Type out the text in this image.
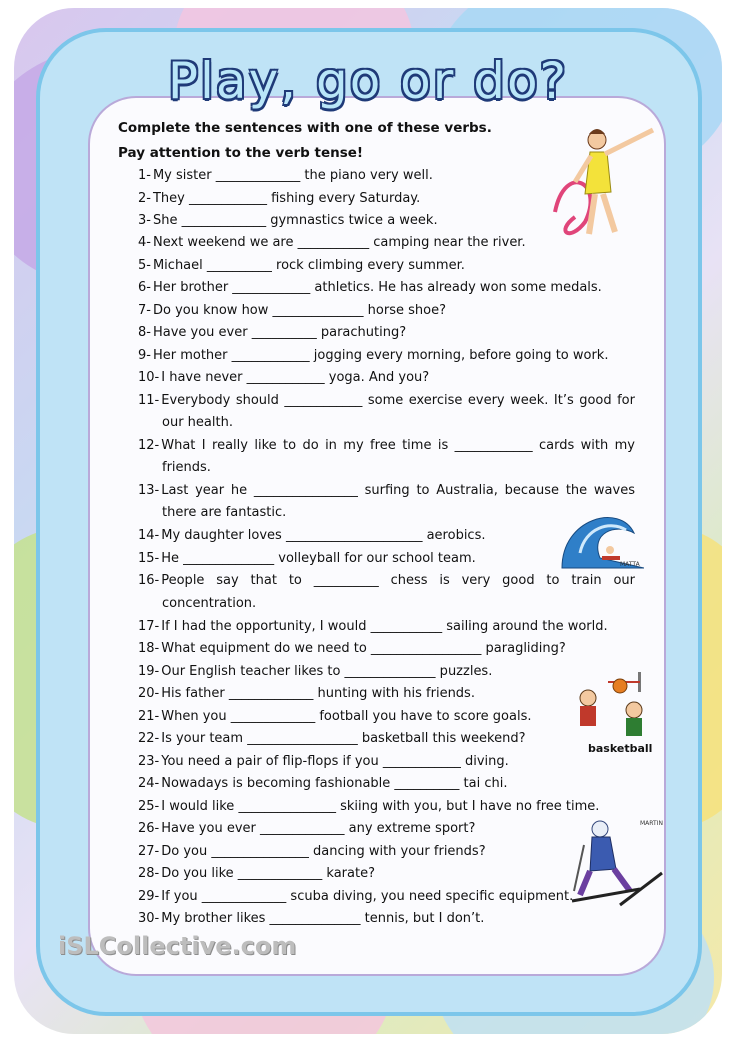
Play, go or do?

Complete the sentences with one of these verbs.

Pay attention to the verb tense!

1- My sister _____________ the piano very well.
2- They ____________ fishing every Saturday.
3- She _____________ gymnastics twice a week.
4- Next weekend we are ___________ camping near the river.
5- Michael __________ rock climbing every summer.
6- Her brother ____________ athletics. He has already won some medals.
7- Do you know how ______________ horse shoe?
8- Have you ever __________ parachuting?
9- Her mother ____________ jogging every morning, before going to work.
10- I have never ____________ yoga. And you?
11- Everybody should ____________ some exercise every week. It’s good for
our health.
12- What I really like to do in my free time is ____________ cards with my
friends.
13- Last year he ________________ surfing to Australia, because the waves
there are fantastic.
14- My daughter loves _____________________ aerobics.
15- He ______________ volleyball for our school team.
16- People say that to __________ chess is very good to train our
concentration.
17- If I had the opportunity, I would ___________ sailing around the world.
18- What equipment do we need to _________________ paragliding?
19- Our English teacher likes to ______________ puzzles.
20- His father _____________ hunting with his friends.
21- When you _____________ football you have to score goals.
22- Is your team _________________ basketball this weekend?
23- You need a pair of flip-flops if you ____________ diving.
24- Nowadays is becoming fashionable __________ tai chi.
25- I would like _______________ skiing with you, but I have no free time.
26- Have you ever _____________ any extreme sport?
27- Do you _______________ dancing with your friends?
28- Do you like _____________ karate?
29- If you _____________ scuba diving, you need specific equipment.
30- My brother likes ______________ tennis, but I don’t.
MATTA
basketball
MARTIN
iSLCollective.com
